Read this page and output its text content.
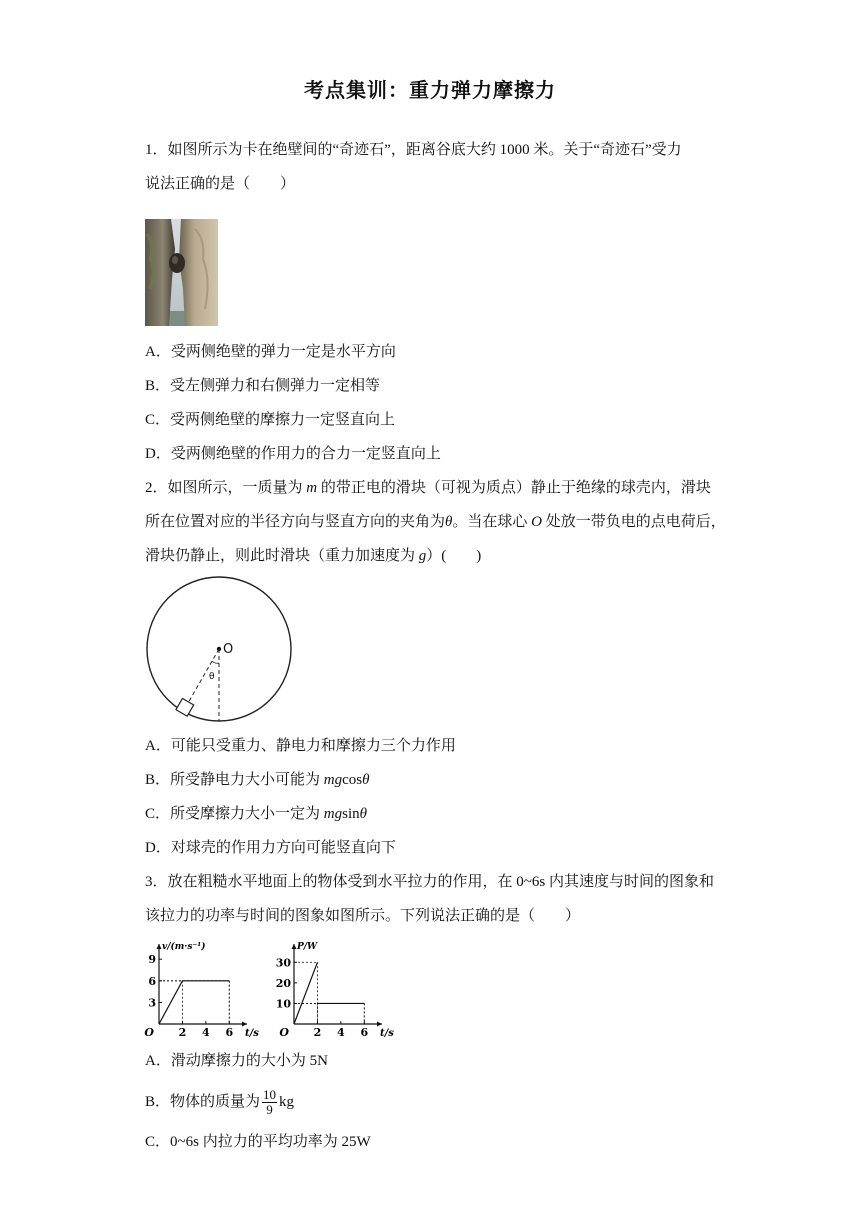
考点集训：重力弹力摩擦力
1．如图所示为卡在绝壁间的“奇迹石”，距离谷底大约 1000 米。关于“奇迹石”受力
说法正确的是（　　）
A．受两侧绝壁的弹力一定是水平方向
B．受左侧弹力和右侧弹力一定相等
C．受两侧绝壁的摩擦力一定竖直向上
D．受两侧绝壁的作用力的合力一定竖直向上
2．如图所示，一质量为 m 的带正电的滑块（可视为质点）静止于绝缘的球壳内，滑块
所在位置对应的半径方向与竖直方向的夹角为θ。当在球心 O 处放一带负电的点电荷后，
滑块仍静止，则此时滑块（重力加速度为 g）(　　)
O
θ
A．可能只受重力、静电力和摩擦力三个力作用
B．所受静电力大小可能为 mgcosθ
C．所受摩擦力大小一定为 mgsinθ
D．对球壳的作用力方向可能竖直向下
3．放在粗糙水平地面上的物体受到水平拉力的作用，在 0~6s 内其速度与时间的图象和
该拉力的功率与时间的图象如图所示。下列说法正确的是（　　）
2 4 6
3
6
9
O	t/s
v/(m·s⁻¹)
2 4 6
10
20
30
O	t/s
P/W
A．滑动摩擦力的大小为 5N
B．物体的质量为 $\frac{10}{9}$ kg
C．0~6s 内拉力的平均功率为 25W
